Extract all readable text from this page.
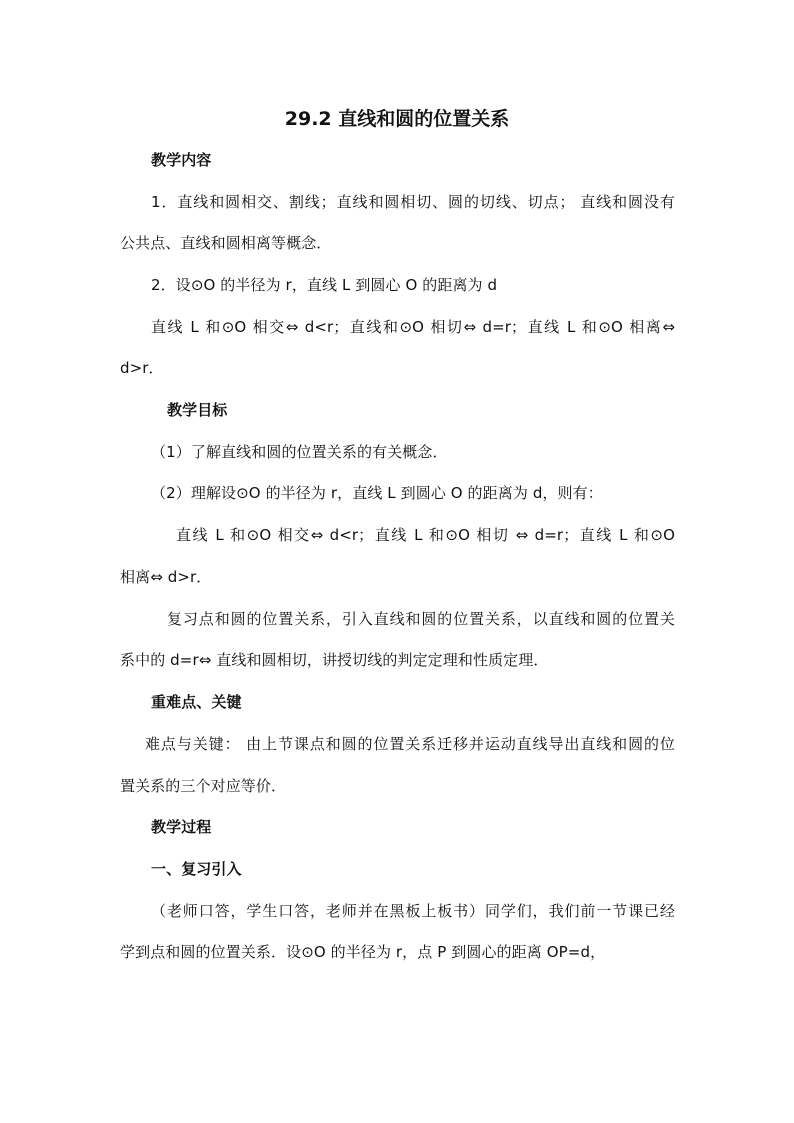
29.2 直线和圆的位置关系
教学内容
1．直线和圆相交、割线；直线和圆相切、圆的切线、切点； 直线和圆没有
公共点、直线和圆相离等概念．
2．设⊙O 的半径为 r，直线 L 到圆心 O 的距离为 d
直线 L 和⊙O 相交⇔ d<r；直线和⊙O 相切⇔ d=r；直线 L 和⊙O 相离⇔
d>r．
教学目标
（1）了解直线和圆的位置关系的有关概念．
（2）理解设⊙O 的半径为 r，直线 L 到圆心 O 的距离为 d，则有：
直线 L 和⊙O 相交⇔ d<r；直线 L 和⊙O 相切 ⇔ d=r；直线 L 和⊙O
相离⇔ d>r．
复习点和圆的位置关系，引入直线和圆的位置关系，以直线和圆的位置关
系中的 d=r⇔ 直线和圆相切，讲授切线的判定定理和性质定理．
重难点、关键
难点与关键： 由上节课点和圆的位置关系迁移并运动直线导出直线和圆的位
置关系的三个对应等价．
教学过程
一、复习引入
（老师口答，学生口答，老师并在黑板上板书）同学们，我们前一节课已经
学到点和圆的位置关系．设⊙O 的半径为 r，点 P 到圆心的距离 OP=d，
